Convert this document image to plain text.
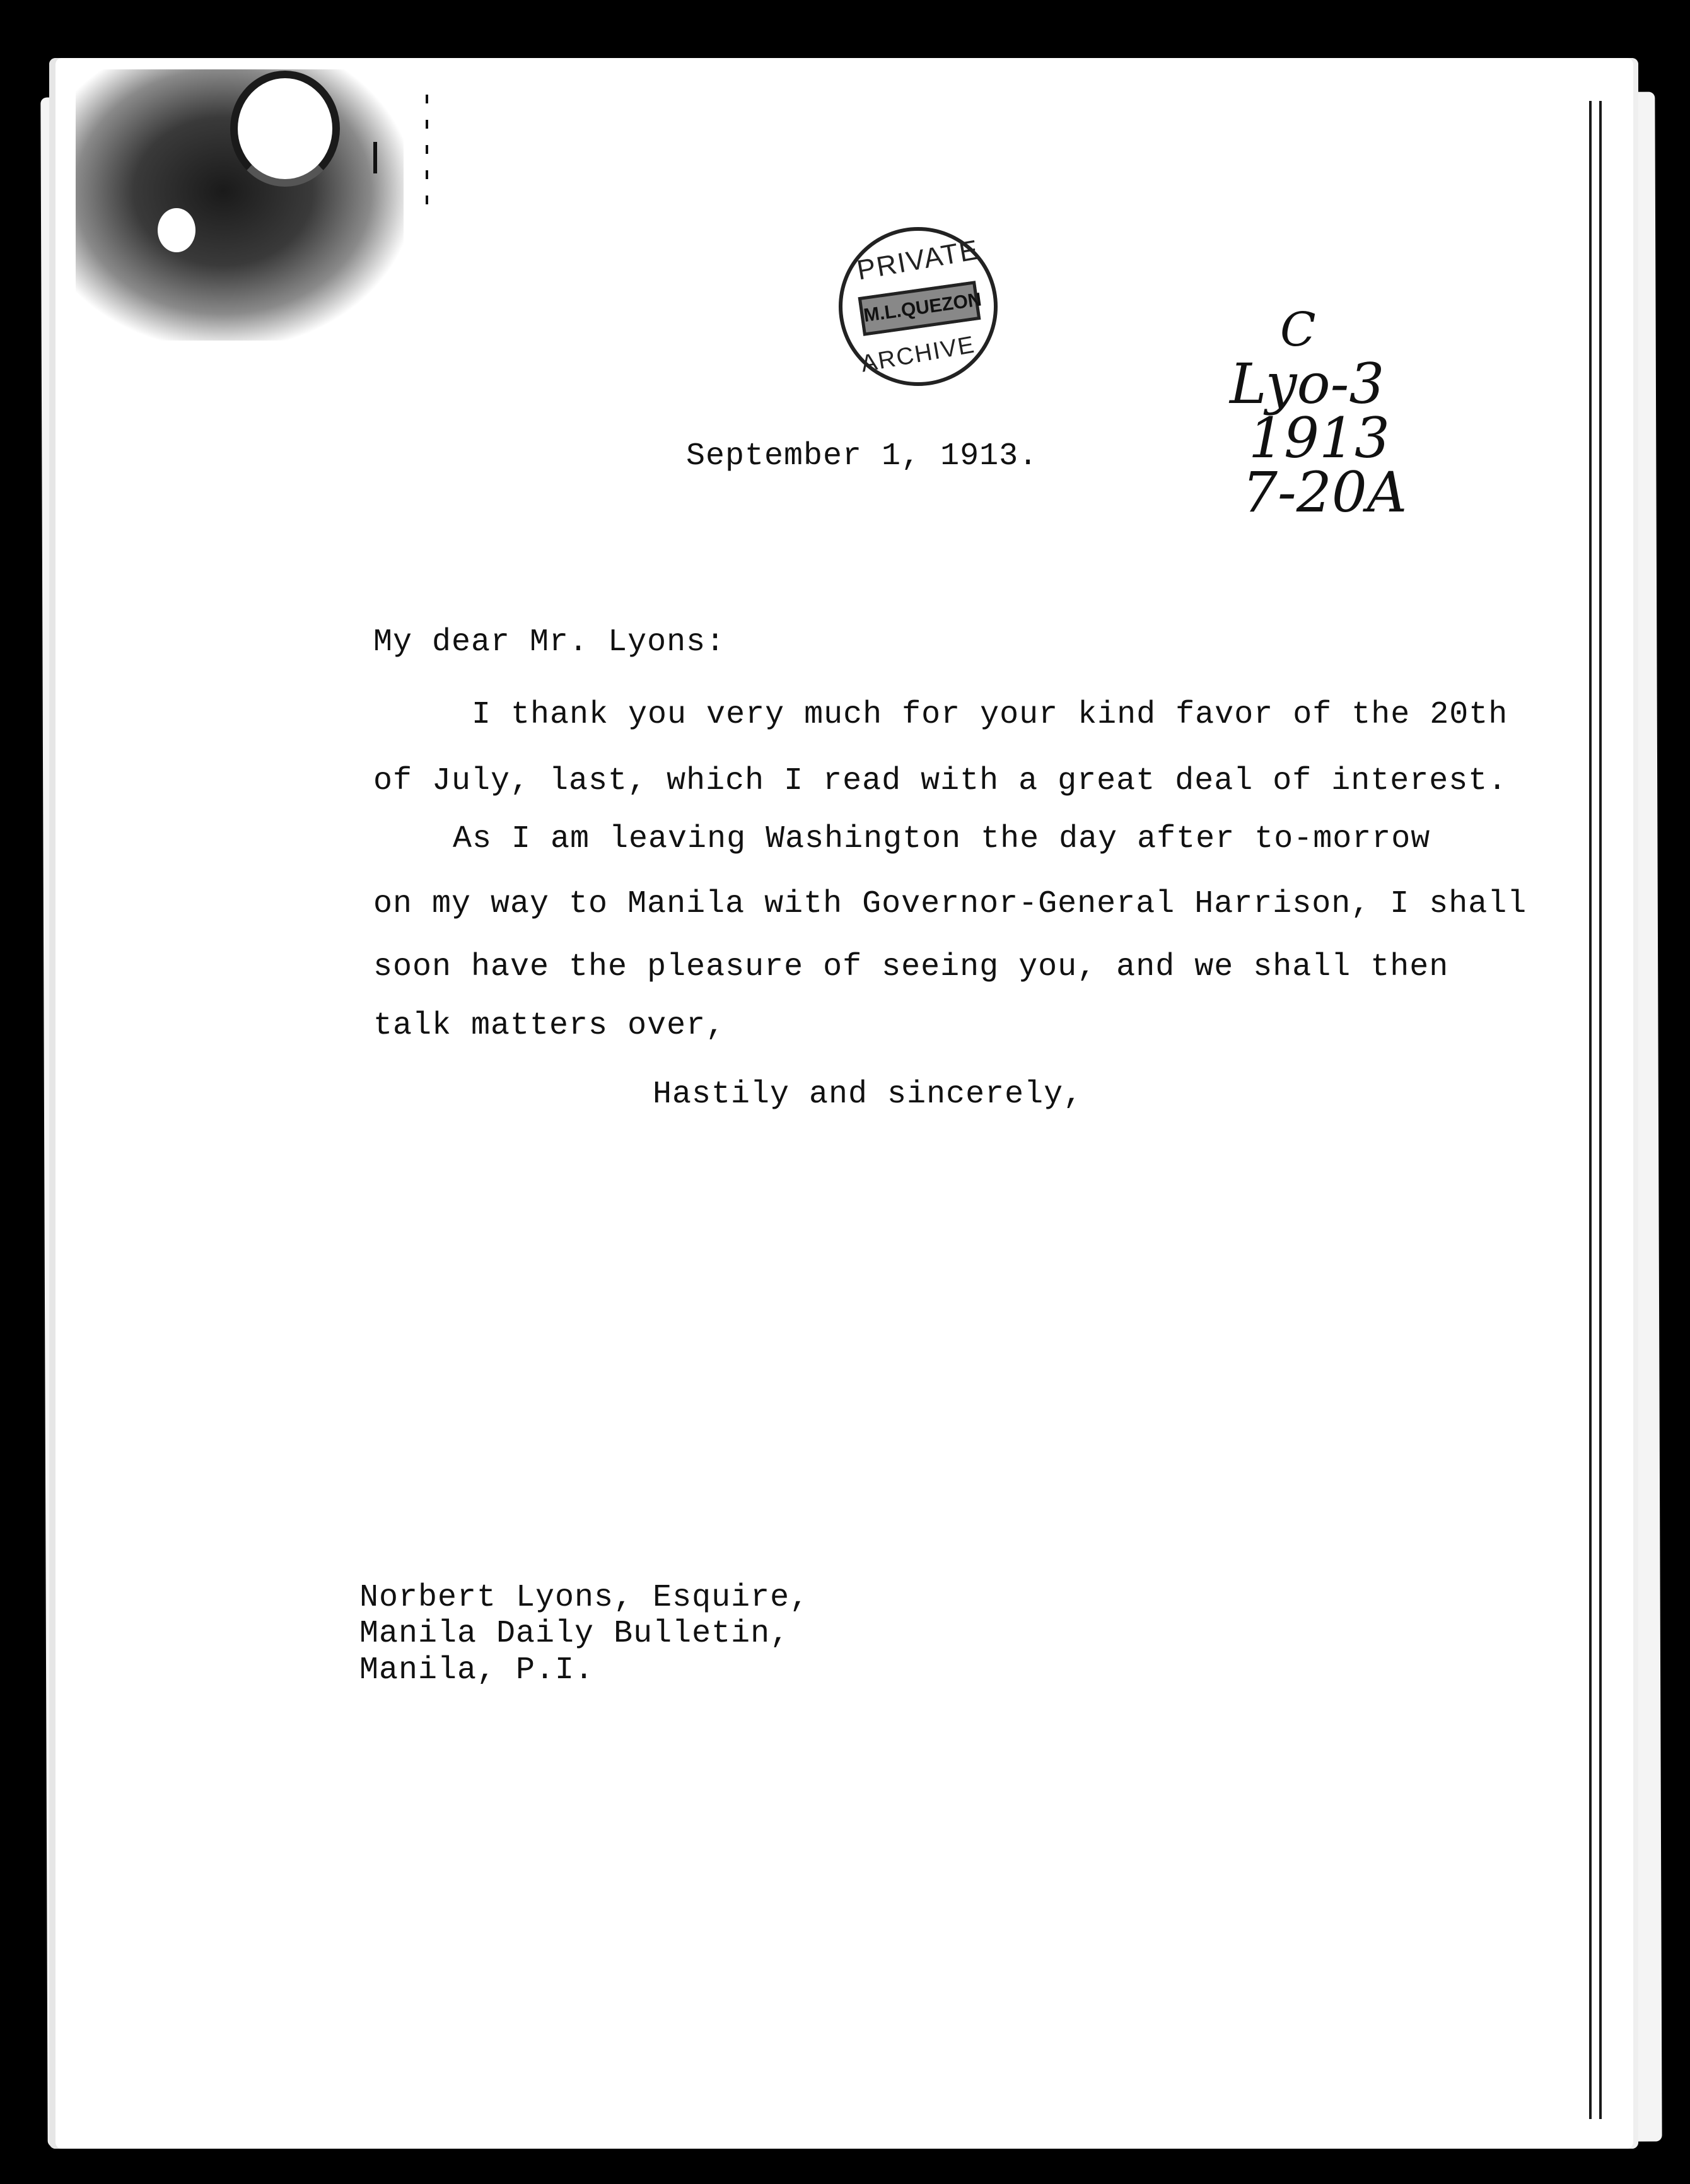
PRIVATE
M.L.QUEZON
ARCHIVE	C
Lyo-3
1913
7-20A
September 1, 1913.
My dear Mr. Lyons:
I thank you very much for your kind favor of the 20th
of July, last, which I read with a great deal of interest.
As I am leaving Washington the day after to-morrow
on my way to Manila with Governor-General Harrison, I shall
soon have the pleasure of seeing you, and we shall then
talk matters over,
Hastily and sincerely,
Norbert Lyons, Esquire,
Manila Daily Bulletin,
Manila, P.I.
